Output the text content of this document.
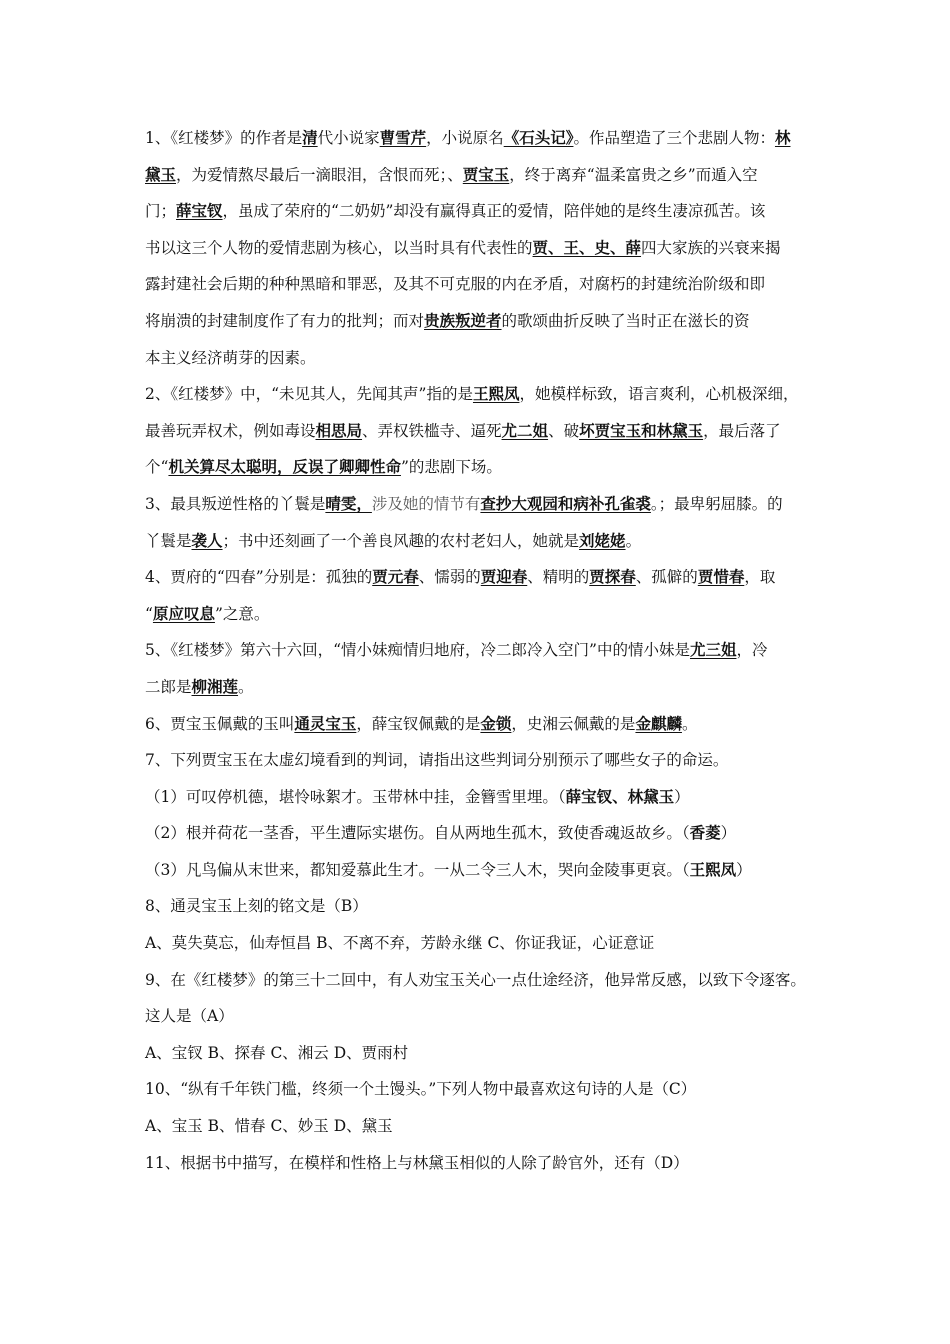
1、《红楼梦》的作者是清代小说家曹雪芹，小说原名《石头记》。作品塑造了三个悲剧人物：林
黛玉，为爱情熬尽最后一滴眼泪，含恨而死；、贾宝玉，终于离弃“温柔富贵之乡”而遁入空
门；薛宝钗，虽成了荣府的“二奶奶”却没有赢得真正的爱情，陪伴她的是终生凄凉孤苦。该
书以这三个人物的爱情悲剧为核心，以当时具有代表性的贾、王、史、薛四大家族的兴衰来揭
露封建社会后期的种种黑暗和罪恶，及其不可克服的内在矛盾，对腐朽的封建统治阶级和即
将崩溃的封建制度作了有力的批判；而对贵族叛逆者的歌颂曲折反映了当时正在滋长的资
本主义经济萌芽的因素。
2、《红楼梦》中，“未见其人，先闻其声”指的是王熙凤，她模样标致，语言爽利，心机极深细，
最善玩弄权术，例如毒设相思局、弄权铁槛寺、逼死尤二姐、破坏贾宝玉和林黛玉，最后落了
个“机关算尽太聪明，反误了卿卿性命”的悲剧下场。
3、最具叛逆性格的丫鬟是晴雯，涉及她的情节有查抄大观园和病补孔雀裘。；最卑躬屈膝。的
丫鬟是袭人；书中还刻画了一个善良风趣的农村老妇人，她就是刘姥姥。
4、贾府的“四春”分别是：孤独的贾元春、懦弱的贾迎春、精明的贾探春、孤僻的贾惜春，取
“原应叹息”之意。
5、《红楼梦》第六十六回，“情小妹痴情归地府，冷二郎冷入空门”中的情小妹是尤三姐，冷
二郎是柳湘莲。
6、贾宝玉佩戴的玉叫通灵宝玉，薛宝钗佩戴的是金锁，史湘云佩戴的是金麒麟。
7、下列贾宝玉在太虚幻境看到的判词，请指出这些判词分别预示了哪些女子的命运。
（1）可叹停机德，堪怜咏絮才。玉带林中挂，金簪雪里埋。（薛宝钗、林黛玉）
（2）根并荷花一茎香，平生遭际实堪伤。自从两地生孤木，致使香魂返故乡。（香菱）
（3）凡鸟偏从末世来，都知爱慕此生才。一从二令三人木，哭向金陵事更哀。（王熙凤）
8、通灵宝玉上刻的铭文是（B）
A、莫失莫忘，仙寿恒昌 B、不离不弃，芳龄永继 C、你证我证，心证意证
9、在《红楼梦》的第三十二回中，有人劝宝玉关心一点仕途经济，他异常反感，以致下令逐客。
这人是（A）
A、宝钗 B、探春 C、湘云 D、贾雨村
10、“纵有千年铁门槛，终须一个土馒头。”下列人物中最喜欢这句诗的人是（C）
A、宝玉 B、惜春 C、妙玉 D、黛玉
11、根据书中描写，在模样和性格上与林黛玉相似的人除了龄官外，还有（D）
